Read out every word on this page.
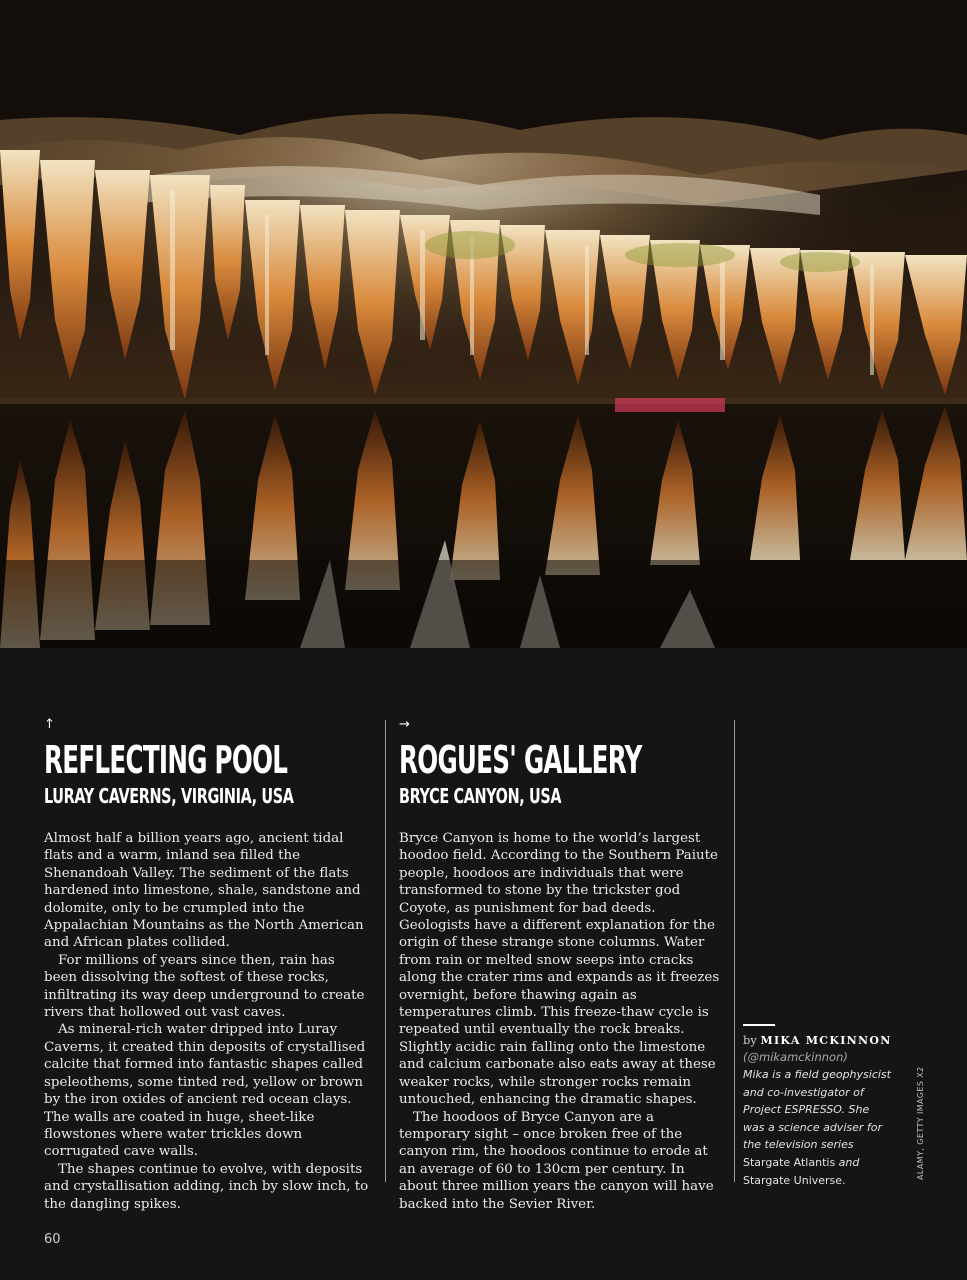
↑
REFLECTING POOL
LURAY CAVERNS, VIRGINIA, USA

Almost half a billion years ago, ancient tidal flats and a warm, inland sea filled the Shenandoah Valley. The sediment of the flats hardened into limestone, shale, sandstone and dolomite, only to be crumpled into the Appalachian Mountains as the North American and African plates collided.

For millions of years since then, rain has been dissolving the softest of these rocks, infiltrating its way deep underground to create rivers that hollowed out vast caves.

As mineral-rich water dripped into Luray Caverns, it created thin deposits of crystallised calcite that formed into fantastic shapes called speleothems, some tinted red, yellow or brown by the iron oxides of ancient red ocean clays. The walls are coated in huge, sheet-like flowstones where water trickles down corrugated cave walls.

The shapes continue to evolve, with deposits and crystallisation adding, inch by slow inch, to the dangling spikes.

→
ROGUES' GALLERY
BRYCE CANYON, USA

Bryce Canyon is home to the world’s largest hoodoo field. According to the Southern Paiute people, hoodoos are individuals that were transformed to stone by the trickster god Coyote, as punishment for bad deeds. Geologists have a different explanation for the origin of these strange stone columns. Water from rain or melted snow seeps into cracks along the crater rims and expands as it freezes overnight, before thawing again as temperatures climb. This freeze-thaw cycle is repeated until eventually the rock breaks. Slightly acidic rain falling onto the limestone and calcium carbonate also eats away at these weaker rocks, while stronger rocks remain untouched, enhancing the dramatic shapes.

The hoodoos of Bryce Canyon are a temporary sight – once broken free of the canyon rim, the hoodoos continue to erode at an average of 60 to 130cm per century. In about three million years the canyon will have backed into the Sevier River.

by MIKA MCKINNON
(@mikamckinnon)
Mika is a field geophysicist and co-investigator of Project ESPRESSO. She was a science adviser for the television series Stargate Atlantis and Stargate Universe.
ALAMY, GETTY IMAGES X2
60
